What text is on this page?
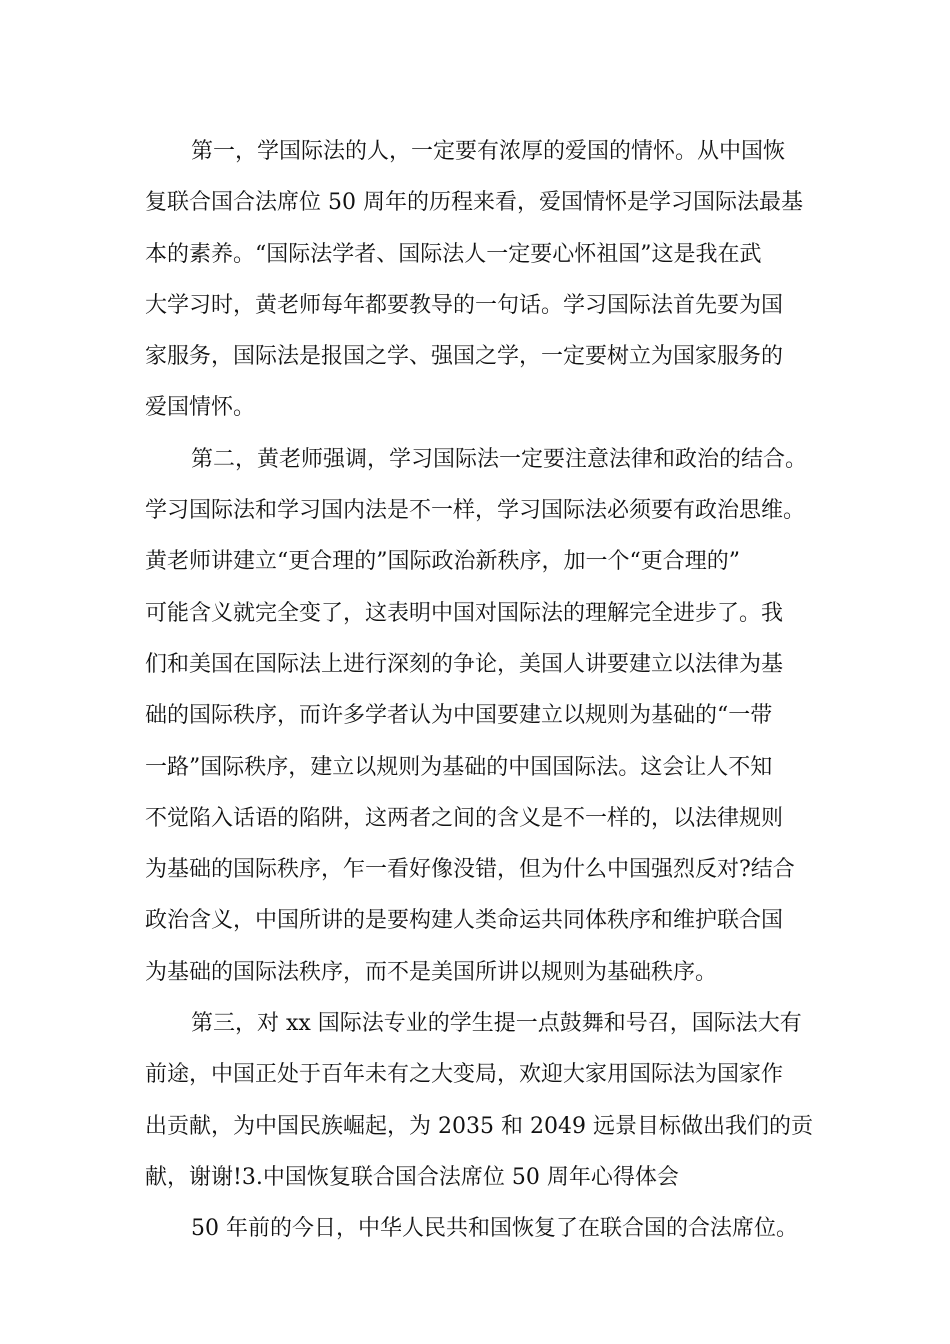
第一，学国际法的人，一定要有浓厚的爱国的情怀。从中国恢
复联合国合法席位 50 周年的历程来看，爱国情怀是学习国际法最基
本的素养。“国际法学者、国际法人一定要心怀祖国”这是我在武
大学习时，黄老师每年都要教导的一句话。学习国际法首先要为国
家服务，国际法是报国之学、强国之学，一定要树立为国家服务的
爱国情怀。
第二，黄老师强调，学习国际法一定要注意法律和政治的结合。
学习国际法和学习国内法是不一样，学习国际法必须要有政治思维。
黄老师讲建立“更合理的”国际政治新秩序，加一个“更合理的”
可能含义就完全变了，这表明中国对国际法的理解完全进步了。我
们和美国在国际法上进行深刻的争论，美国人讲要建立以法律为基
础的国际秩序，而许多学者认为中国要建立以规则为基础的“一带
一路”国际秩序，建立以规则为基础的中国国际法。这会让人不知
不觉陷入话语的陷阱，这两者之间的含义是不一样的，以法律规则
为基础的国际秩序，乍一看好像没错，但为什么中国强烈反对?结合
政治含义，中国所讲的是要构建人类命运共同体秩序和维护联合国
为基础的国际法秩序，而不是美国所讲以规则为基础秩序。
第三，对 xx 国际法专业的学生提一点鼓舞和号召，国际法大有
前途，中国正处于百年未有之大变局，欢迎大家用国际法为国家作
出贡献，为中国民族崛起，为 2035 和 2049 远景目标做出我们的贡
献，谢谢!3.中国恢复联合国合法席位 50 周年心得体会
50 年前的今日，中华人民共和国恢复了在联合国的合法席位。
